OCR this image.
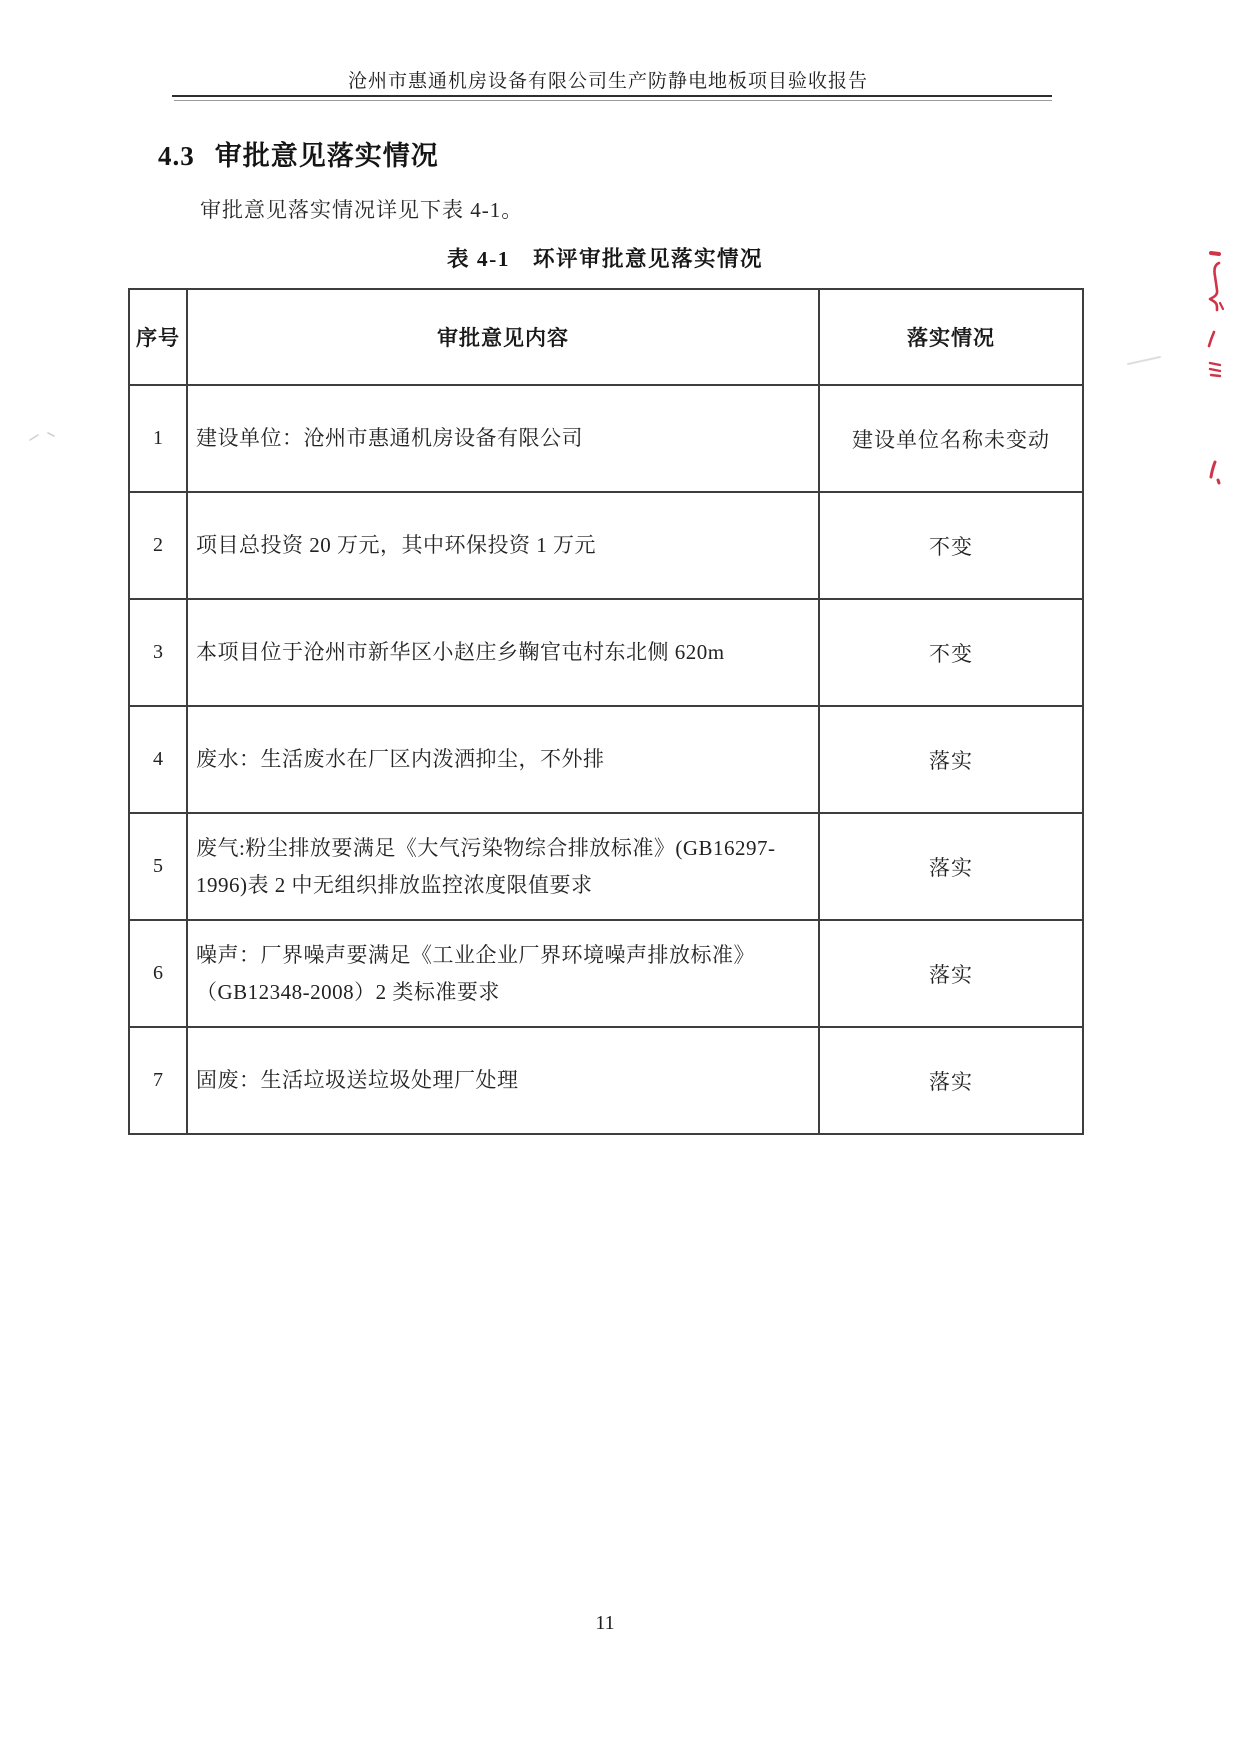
沧州市惠通机房设备有限公司生产防静电地板项目验收报告
4.3 审批意见落实情况
审批意见落实情况详见下表 4-1。
表 4-1　环评审批意见落实情况
序号	审批意见内容	落实情况
1	建设单位：沧州市惠通机房设备有限公司	建设单位名称未变动
2	项目总投资 20 万元，其中环保投资 1 万元	不变
3	本项目位于沧州市新华区小赵庄乡鞠官屯村东北侧 620m	不变
4	废水：生活废水在厂区内泼洒抑尘，不外排	落实
5	废气:粉尘排放要满足《大气污染物综合排放标准》(GB16297-1996)表 2 中无组织排放监控浓度限值要求	落实
6	噪声：厂界噪声要满足《工业企业厂界环境噪声排放标准》（GB12348-2008）2 类标准要求	落实
7	固废：生活垃圾送垃圾处理厂处理	落实
11
